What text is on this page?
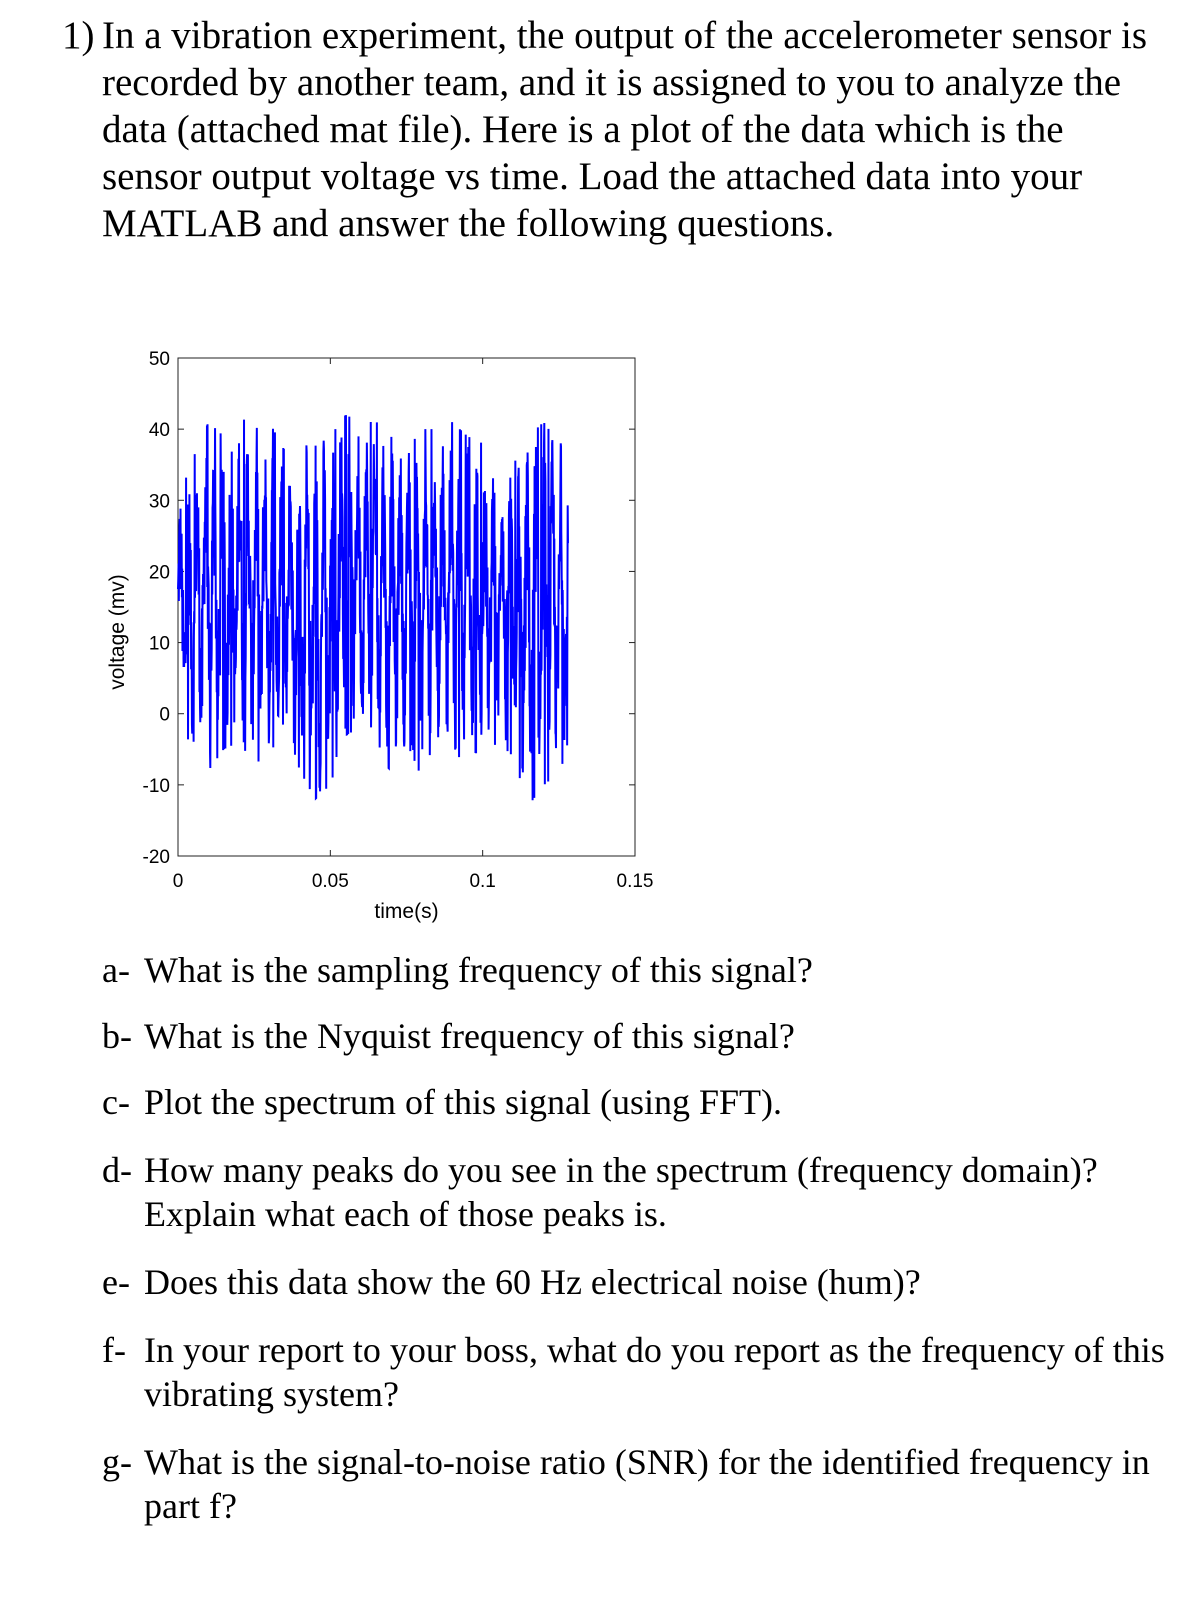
1) In a vibration experiment, the output of the accelerometer sensor is recorded by another team, and it is assigned to you to analyze the data (attached mat file). Here is a plot of the data which is the sensor output voltage vs time. Load the attached data into your MATLAB and answer the following questions.
-20
-10
0
10
20
30
40
50
0	0.05	0.1	0.15
time(s)
voltage (mv)
a- What is the sampling frequency of this signal?
b- What is the Nyquist frequency of this signal?
c- Plot the spectrum of this signal (using FFT).
d- How many peaks do you see in the spectrum (frequency domain)? Explain what each of those peaks is.
e- Does this data show the 60 Hz electrical noise (hum)?
f- In your report to your boss, what do you report as the frequency of this vibrating system?
g- What is the signal-to-noise ratio (SNR) for the identified frequency in part f?
